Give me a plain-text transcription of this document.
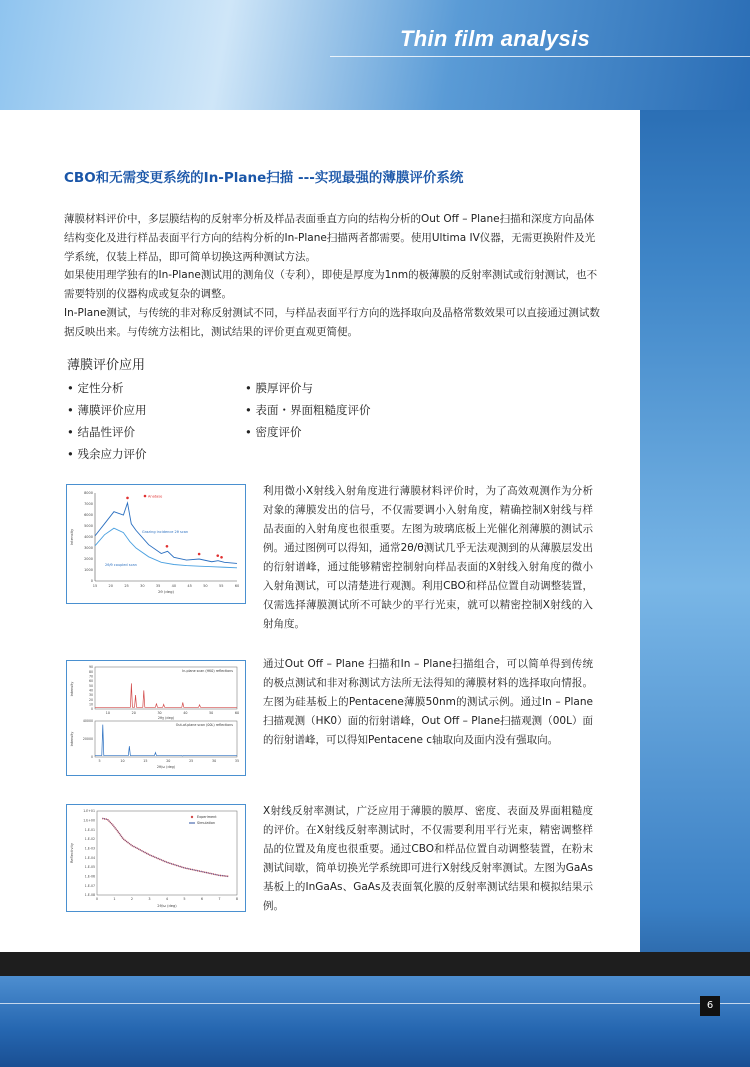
Thin film analysis
CBO和无需变更系统的In-Plane扫描 ---实现最强的薄膜评价系统
薄膜材料评价中，多层膜结构的反射率分析及样品表面垂直方向的结构分析的Out Off – Plane扫描和深度方向晶体结构变化及进行样品表面平行方向的结构分析的In-Plane扫描两者都需要。使用Ultima IV仪器，无需更换附件及光学系统，仅装上样品，即可简单切换这两种测试方法。
如果使用理学独有的In-Plane测试用的测角仪（专利），即使是厚度为1nm的极薄膜的反射率测试或衍射测试，也不需要特别的仪器构成或复杂的调整。
In-Plane测试，与传统的非对称反射测试不同，与样品表面平行方向的选择取向及晶格常数效果可以直接通过测试数据反映出来。与传统方法相比，测试结果的评价更直观更简便。
薄膜评价应用
• 定性分析
• 薄膜评价应用
• 结晶性评价
• 残余应力评价
• 膜厚评价与
• 表面・界面粗糙度评价
• 密度评价
15	20	25	30	35	40	45	50	55	60
0
1000
2000
3000
4000
5000
6000
7000
8000
2θ (deg)
Intensity
Anatase
Grazing incidence 2θ scan
2θ/θ coupled scan
利用微小X射线入射角度进行薄膜材料评价时，为了高效观测作为分析对象的薄膜发出的信号，不仅需要调小入射角度，精确控制X射线与样品表面的入射角度也很重要。左图为玻璃底板上光催化剂薄膜的测试示例。通过图例可以得知，通常2θ/θ测试几乎无法观测到的从薄膜层发出的衍射谱峰，通过能够精密控制射向样品表面的X射线入射角度的微小入射角测试，可以清楚进行观测。利用CBO和样品位置自动调整装置，仅需选择薄膜测试所不可缺少的平行光束，就可以精密控制X射线的入射角度。
10	20	30	40	50	60
0
10
20
30
40
50
60
70
80
90
In-plane scan (HK0) reflections
5	10	15	20	25	30	35
0
20000
40000
Out-of-plane scan (00L) reflections
2θχ (deg)
2θ/ω (deg)
Intensity
Intensity
通过Out Off – Plane 扫描和In – Plane扫描组合，可以简单得到传统的极点测试和非对称测试方法所无法得知的薄膜材料的选择取向情报。左图为硅基板上的Pentacene薄膜50nm的测试示例。通过In – Plane扫描观测（HK0）面的衍射谱峰，Out Off – Plane扫描观测（00L）面的衍射谱峰，可以得知Pentacene c轴取向及面内没有强取向。
0	1	2	3	4	5	6	7	8
1.E+01
1.E+00
1.E-01
1.E-02
1.E-03
1.E-04
1.E-05
1.E-06
1.E-07
1.E-08
2θ/ω (deg)
Reflectivity
Experiment
Simulation
X射线反射率测试，广泛应用于薄膜的膜厚、密度、表面及界面粗糙度的评价。在X射线反射率测试时，不仅需要利用平行光束，精密调整样品的位置及角度也很重要。通过CBO和样品位置自动调整装置，在粉末测试间歇，简单切换光学系统即可进行X射线反射率测试。左图为GaAs基板上的InGaAs、GaAs及表面氧化膜的反射率测试结果和模拟结果示例。
6
